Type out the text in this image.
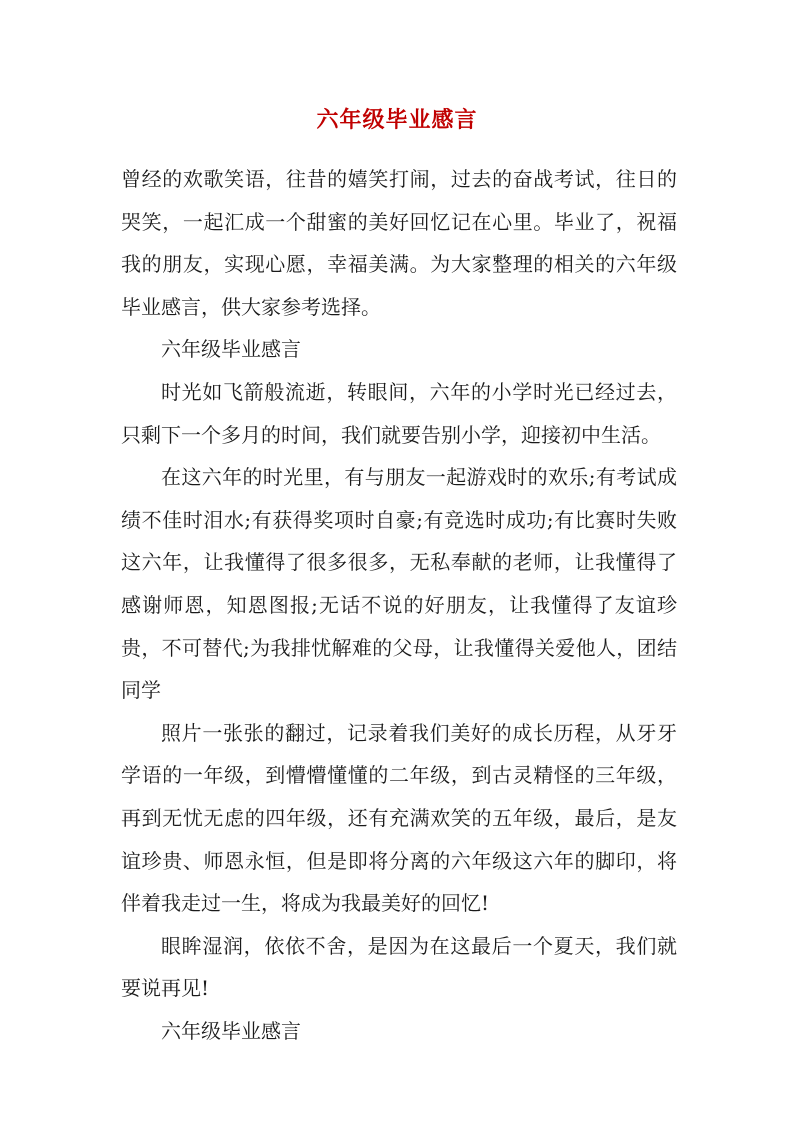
六年级毕业感言

曾经的欢歌笑语，往昔的嬉笑打闹，过去的奋战考试，往日的哭笑，一起汇成一个甜蜜的美好回忆记在心里。毕业了，祝福我的朋友，实现心愿，幸福美满。为大家整理的相关的六年级毕业感言，供大家参考选择。

六年级毕业感言

时光如飞箭般流逝，转眼间，六年的小学时光已经过去，只剩下一个多月的时间，我们就要告别小学，迎接初中生活。

在这六年的时光里，有与朋友一起游戏时的欢乐;有考试成绩不佳时泪水;有获得奖项时自豪;有竞选时成功;有比赛时失败这六年，让我懂得了很多很多，无私奉献的老师，让我懂得了感谢师恩，知恩图报;无话不说的好朋友，让我懂得了友谊珍贵，不可替代;为我排忧解难的父母，让我懂得关爱他人，团结同学

照片一张张的翻过，记录着我们美好的成长历程，从牙牙学语的一年级，到懵懵懂懂的二年级，到古灵精怪的三年级，再到无忧无虑的四年级，还有充满欢笑的五年级，最后，是友谊珍贵、师恩永恒，但是即将分离的六年级这六年的脚印，将伴着我走过一生，将成为我最美好的回忆!

眼眸湿润，依依不舍，是因为在这最后一个夏天，我们就要说再见!

六年级毕业感言
